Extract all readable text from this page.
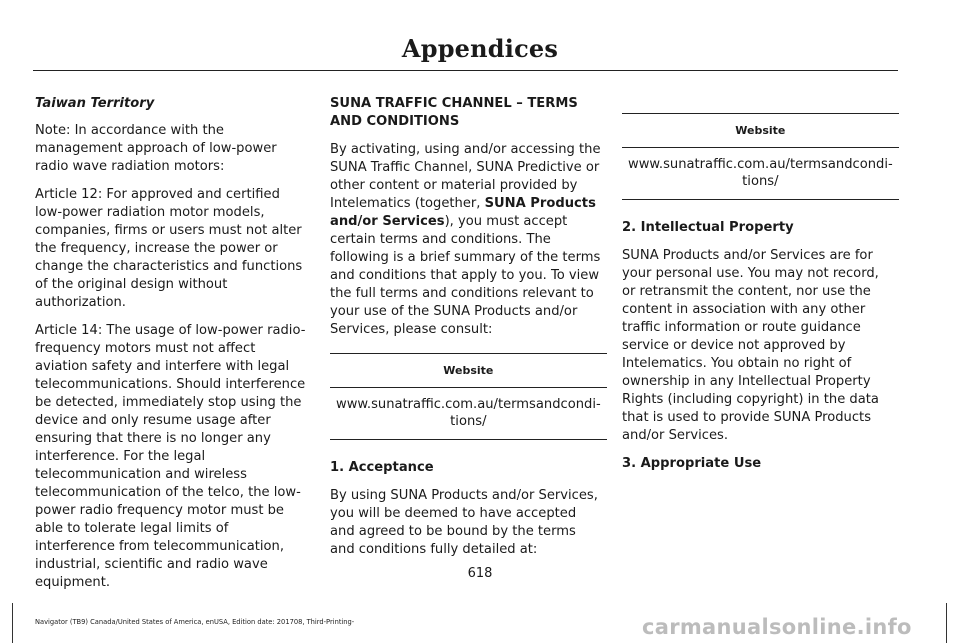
Appendices

Taiwan Territory

Note: In accordance with the management approach of low-power radio wave radiation motors:

Article 12: For approved and certified low-power radiation motor models, companies, firms or users must not alter the frequency, increase the power or change the characteristics and functions of the original design without authorization.

Article 14: The usage of low-power radio-frequency motors must not affect aviation safety and interfere with legal telecommunications. Should interference be detected, immediately stop using the device and only resume usage after ensuring that there is no longer any interference. For the legal telecommunication and wireless telecommunication of the telco, the low-power radio frequency motor must be able to tolerate legal limits of interference from telecommunication, industrial, scientific and radio wave equipment.

SUNA TRAFFIC CHANNEL – TERMS AND CONDITIONS

By activating, using and/or accessing the SUNA Traffic Channel, SUNA Predictive or other content or material provided by Intelematics (together, SUNA Products and/or Services), you must accept certain terms and conditions. The following is a brief summary of the terms and conditions that apply to you. To view the full terms and conditions relevant to your use of the SUNA Products and/or Services, please consult:

Website
www.sunatraffic.com.au/termsandcondi-tions/

1. Acceptance

By using SUNA Products and/or Services, you will be deemed to have accepted and agreed to be bound by the terms and conditions fully detailed at:

Website
www.sunatraffic.com.au/termsandcondi-tions/

2. Intellectual Property

SUNA Products and/or Services are for your personal use. You may not record, or retransmit the content, nor use the content in association with any other traffic information or route guidance service or device not approved by Intelematics. You obtain no right of ownership in any Intellectual Property Rights (including copyright) in the data that is used to provide SUNA Products and/or Services.

3. Appropriate Use

618
Navigator (TB9) Canada/United States of America, enUSA, Edition date: 201708, Third-Printing-	carmanualsonline.info
